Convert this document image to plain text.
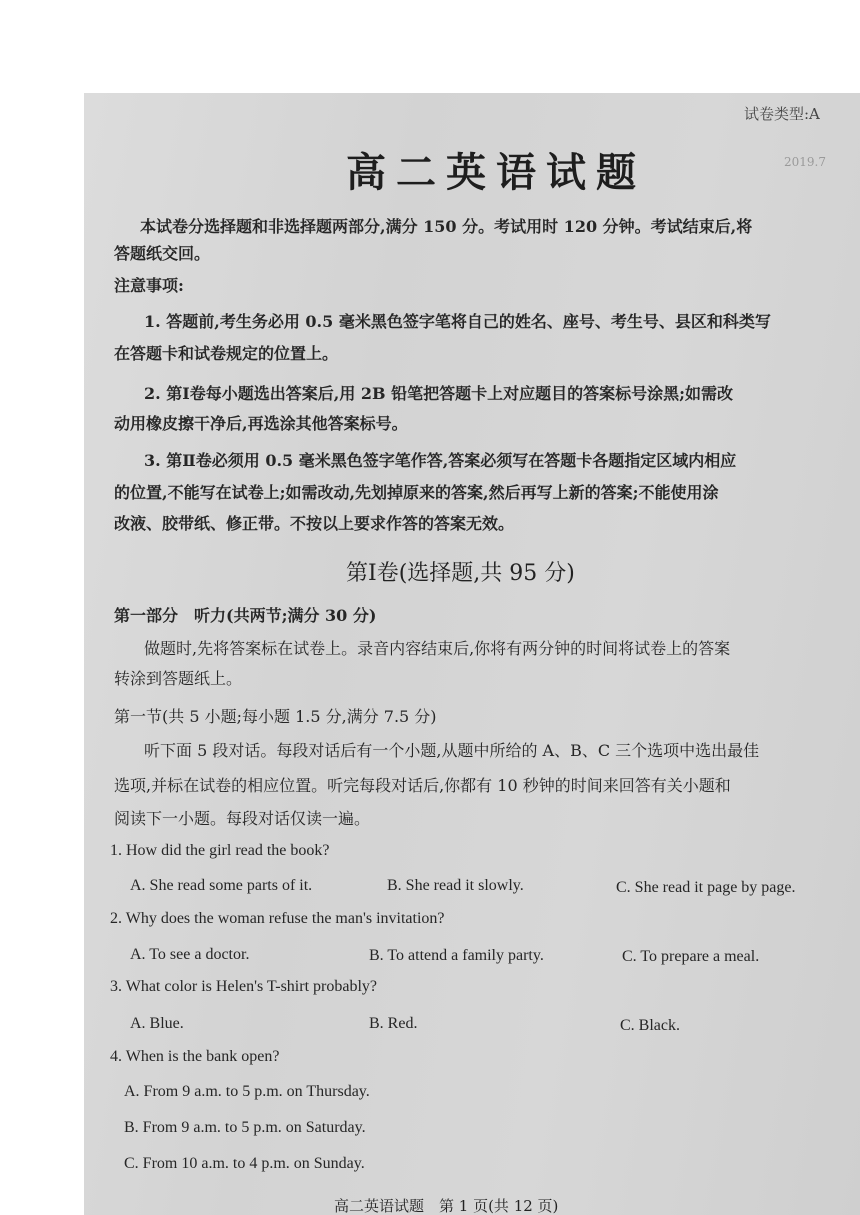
试卷类型:A
高二英语试题	2019.7
本试卷分选择题和非选择题两部分,满分 150 分。考试用时 120 分钟。考试结束后,将
答题纸交回。
注意事项:
1. 答题前,考生务必用 0.5 毫米黑色签字笔将自己的姓名、座号、考生号、县区和科类写
在答题卡和试卷规定的位置上。
2. 第Ⅰ卷每小题选出答案后,用 2B 铅笔把答题卡上对应题目的答案标号涂黑;如需改
动用橡皮擦干净后,再选涂其他答案标号。
3. 第Ⅱ卷必须用 0.5 毫米黑色签字笔作答,答案必须写在答题卡各题指定区域内相应
的位置,不能写在试卷上;如需改动,先划掉原来的答案,然后再写上新的答案;不能使用涂
改液、胶带纸、修正带。不按以上要求作答的答案无效。
第Ⅰ卷(选择题,共 95 分)
第一部分　听力(共两节;满分 30 分)
做题时,先将答案标在试卷上。录音内容结束后,你将有两分钟的时间将试卷上的答案
转涂到答题纸上。
第一节(共 5 小题;每小题 1.5 分,满分 7.5 分)
听下面 5 段对话。每段对话后有一个小题,从题中所给的 A、B、C 三个选项中选出最佳
选项,并标在试卷的相应位置。听完每段对话后,你都有 10 秒钟的时间来回答有关小题和
阅读下一小题。每段对话仅读一遍。
1. How did the girl read the book?
A. She read some parts of it.	B. She read it slowly.	C. She read it page by page.
2. Why does the woman refuse the man's invitation?
A. To see a doctor.	B. To attend a family party.	C. To prepare a meal.
3. What color is Helen's T-shirt probably?
A. Blue.	B. Red.	C. Black.
4. When is the bank open?
A. From 9 a.m. to 5 p.m. on Thursday.
B. From 9 a.m. to 5 p.m. on Saturday.
C. From 10 a.m. to 4 p.m. on Sunday.
高二英语试题　第 1 页(共 12 页)
